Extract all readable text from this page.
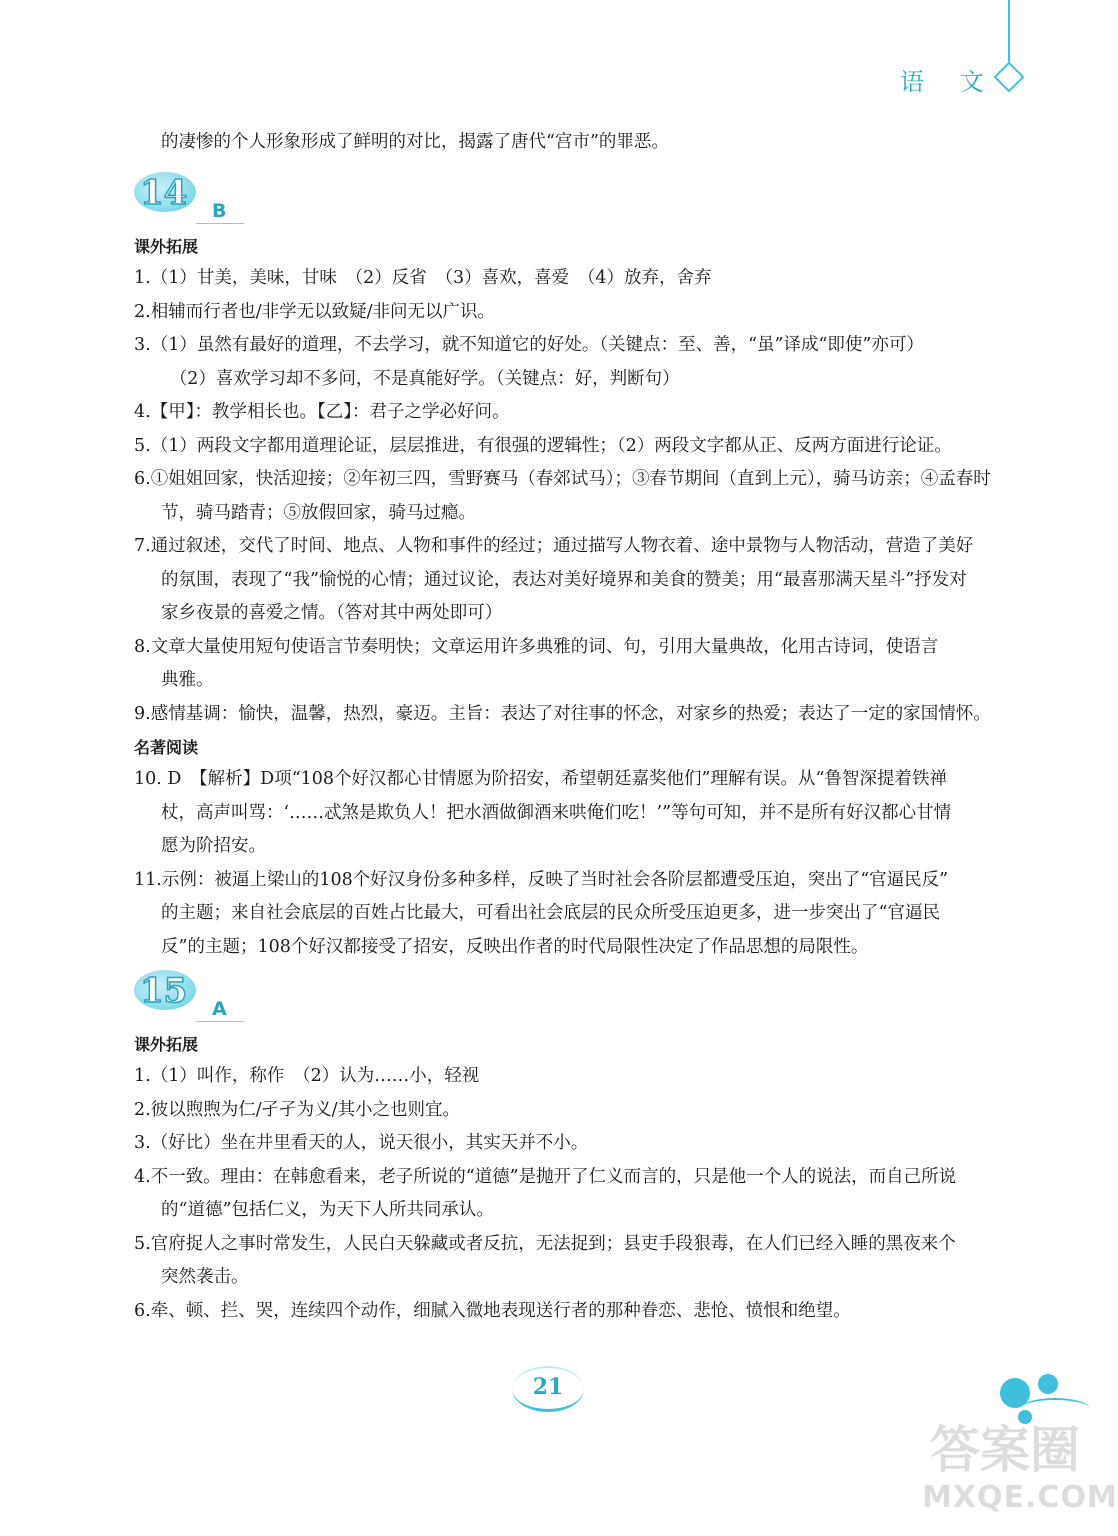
语 文
的凄惨的个人形象形成了鲜明的对比，揭露了唐代“宫市”的罪恶。
14 B
课外拓展
1.（1）甘美，美味，甘味　（2）反省　（3）喜欢，喜爱　（4）放弃，舍弃
2.相辅而行者也/非学无以致疑/非问无以广识。
3.（1）虽然有最好的道理，不去学习，就不知道它的好处。（关键点：至、善，“虽”译成“即使”亦可）
　（2）喜欢学习却不多问，不是真能好学。（关键点：好，判断句）
4.【甲】：教学相长也。【乙】：君子之学必好问。
5.（1）两段文字都用道理论证，层层推进，有很强的逻辑性；（2）两段文字都从正、反两方面进行论证。
6.①姐姐回家，快活迎接；②年初三四，雪野赛马（春郊试马）；③春节期间（直到上元），骑马访亲；④孟春时
节，骑马踏青；⑤放假回家，骑马过瘾。
7.通过叙述，交代了时间、地点、人物和事件的经过；通过描写人物衣着、途中景物与人物活动，营造了美好
的氛围，表现了“我”愉悦的心情；通过议论，表达对美好境界和美食的赞美；用“最喜那满天星斗”抒发对
家乡夜景的喜爱之情。（答对其中两处即可）
8.文章大量使用短句使语言节奏明快；文章运用许多典雅的词、句，引用大量典故，化用古诗词，使语言
典雅。
9.感情基调：愉快，温馨，热烈，豪迈。主旨：表达了对往事的怀念，对家乡的热爱；表达了一定的家国情怀。
名著阅读
10. D　【解析】D项“108个好汉都心甘情愿为阶招安，希望朝廷嘉奖他们”理解有误。从“鲁智深提着铁禅
杖，高声叫骂：‘……忒煞是欺负人！把水酒做御酒来哄俺们吃！’”等句可知，并不是所有好汉都心甘情
愿为阶招安。
11.示例：被逼上梁山的108个好汉身份多种多样，反映了当时社会各阶层都遭受压迫，突出了“官逼民反”
的主题；来自社会底层的百姓占比最大，可看出社会底层的民众所受压迫更多，进一步突出了“官逼民
反”的主题；108个好汉都接受了招安，反映出作者的时代局限性决定了作品思想的局限性。
15 A
课外拓展
1.（1）叫作，称作　（2）认为……小，轻视
2.彼以煦煦为仁/孑孑为义/其小之也则宜。
3.（好比）坐在井里看天的人，说天很小，其实天并不小。
4.不一致。理由：在韩愈看来，老子所说的“道德”是抛开了仁义而言的，只是他一个人的说法，而自己所说
的“道德”包括仁义，为天下人所共同承认。
5.官府捉人之事时常发生，人民白天躲藏或者反抗，无法捉到；县吏手段狠毒，在人们已经入睡的黑夜来个
突然袭击。
6.牵、顿、拦、哭，连续四个动作，细腻入微地表现送行者的那种眷恋、悲怆、愤恨和绝望。
21
答案圈
MXQE.COM
